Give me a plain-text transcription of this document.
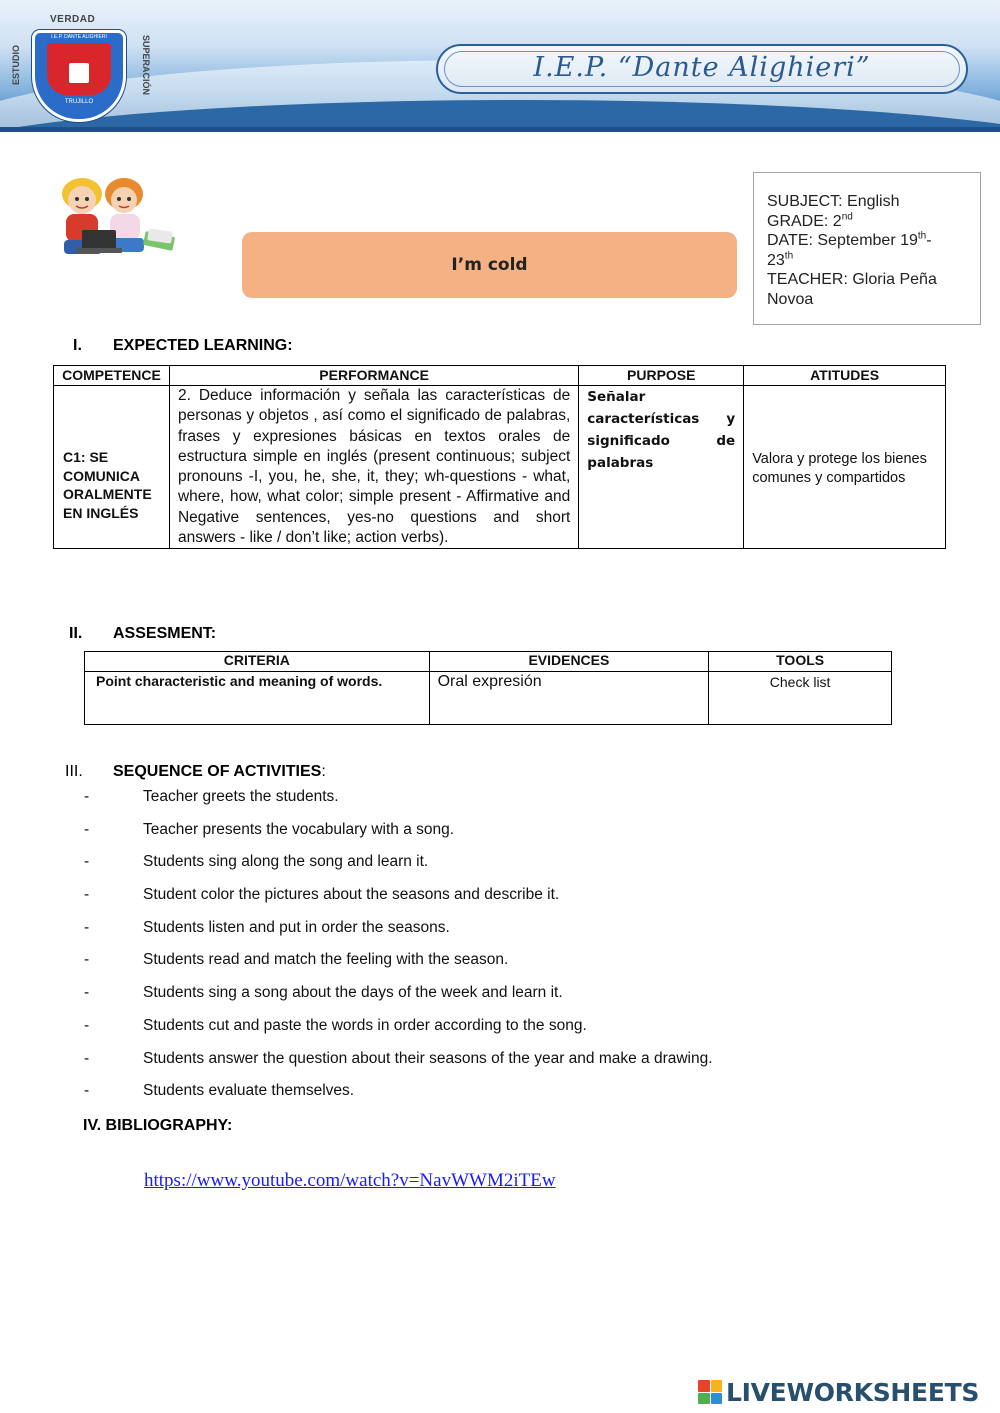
VERDAD
ESTUDIO	SUPERACIÓN
I.E.P. DANTE ALIGHIERI
TRUJILLO
I.E.P. “Dante Alighieri”
I’m cold
SUBJECT: English
GRADE: 2nd
DATE: September 19th-
23th
TEACHER: Gloria Peña Novoa
I. EXPECTED LEARNING:
COMPETENCE	PERFORMANCE	PURPOSE	ATITUDES
C1: SE COMUNICA ORALMENTE EN INGLÉS	2. Deduce información y señala las características de personas y objetos , así como el significado de palabras, frases y expresiones básicas en textos orales de estructura simple en inglés (present continuous; subject pronouns -I, you, he, she, it, they; wh-questions - what, where, how, what color; simple present - Affirmative and Negative sentences, yes-no questions and short answers - like / don’t like; action verbs).	Señalar características y significado de palabras	Valora y protege los bienes comunes y compartidos
II. ASSESMENT:
CRITERIA	EVIDENCES	TOOLS
Point characteristic and meaning of words.	Oral expresión	Check list
III. SEQUENCE OF ACTIVITIES:
-	Teacher greets the students.
-	Teacher presents the vocabulary with a song.
-	Students sing along the song and learn it.
-	Student color the pictures about the seasons and describe it.
-	Students listen and put in order the seasons.
-	Students read and match the feeling with the season.
-	Students sing a song about the days of the week and learn it.
-	Students cut and paste the words in order according to the song.
-	Students answer the question about their seasons of the year and make a drawing.
-	Students evaluate themselves.
IV. BIBLIOGRAPHY:
https://www.youtube.com/watch?v=NavWWM2iTEw
LIVEWORKSHEETS
